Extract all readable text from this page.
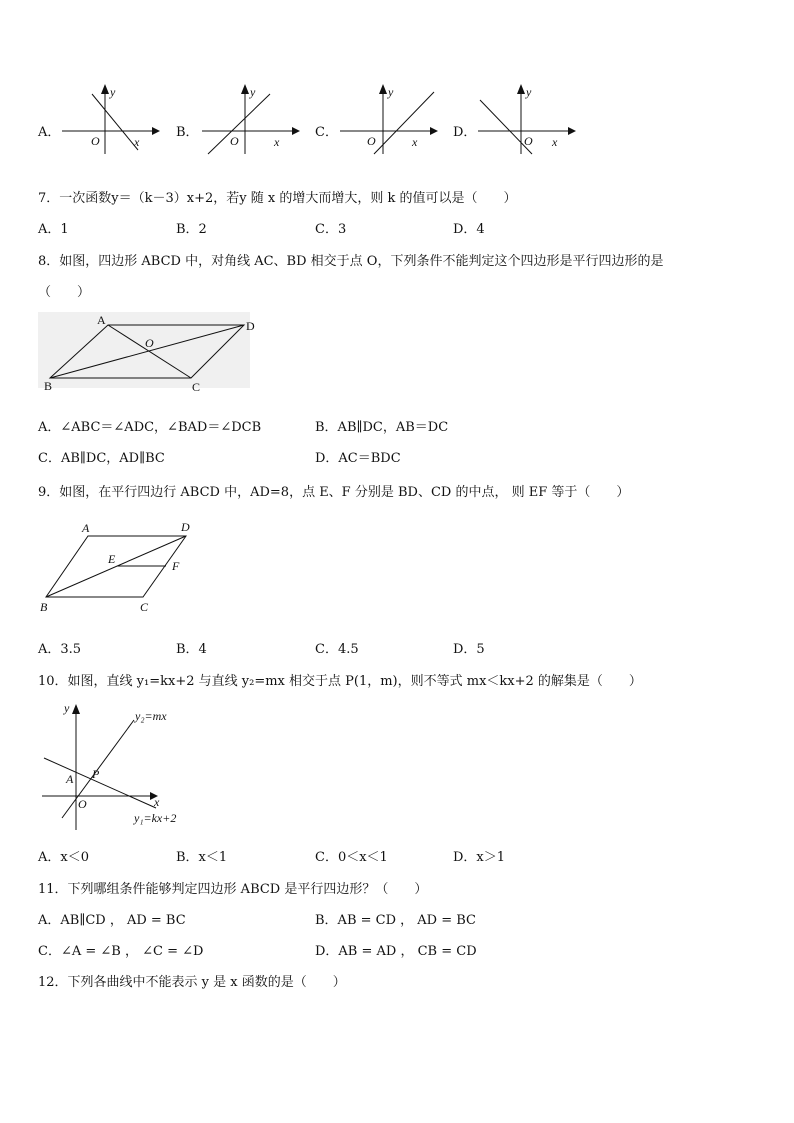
A．
y
x
O
B．
y
x
O
C．
y
x
O
D．
y
x
O
7．一次函数y＝（k－3）x+2，若y 随 x 的增大而增大，则 k 的值可以是（　　）
A．1	B．2	C．3	D．4
8．如图，四边形 ABCD 中，对角线 AC、BD 相交于点 O，下列条件不能判定这个四边形是平行四边形的是
（　　）
A	D
B	C
O
A．∠ABC＝∠ADC，∠BAD＝∠DCB	B．AB∥DC，AB＝DC
C．AB∥DC，AD∥BC	D．AC＝BDC
9．如图，在平行四边行 ABCD 中，AD=8，点 E、F 分别是 BD、CD 的中点， 则 EF 等于（　　）
A	D
B	C
E	F
A．3.5	B．4	C．4.5	D．5
10．如图，直线 y₁=kx+2 与直线 y₂=mx 相交于点 P(1，m)，则不等式 mx＜kx+2 的解集是（　　）
y
x
O
A P
y₂=mx
y₁=kx+2
A．x＜0	B．x＜1	C．0＜x＜1	D．x＞1
11．下列哪组条件能够判定四边形 ABCD 是平行四边形？（　　）
A．AB∥CD ， AD = BC	B．AB = CD ， AD = BC
C．∠A = ∠B ， ∠C = ∠D	D．AB = AD ， CB = CD
12．下列各曲线中不能表示 y 是 x 函数的是（　　）
